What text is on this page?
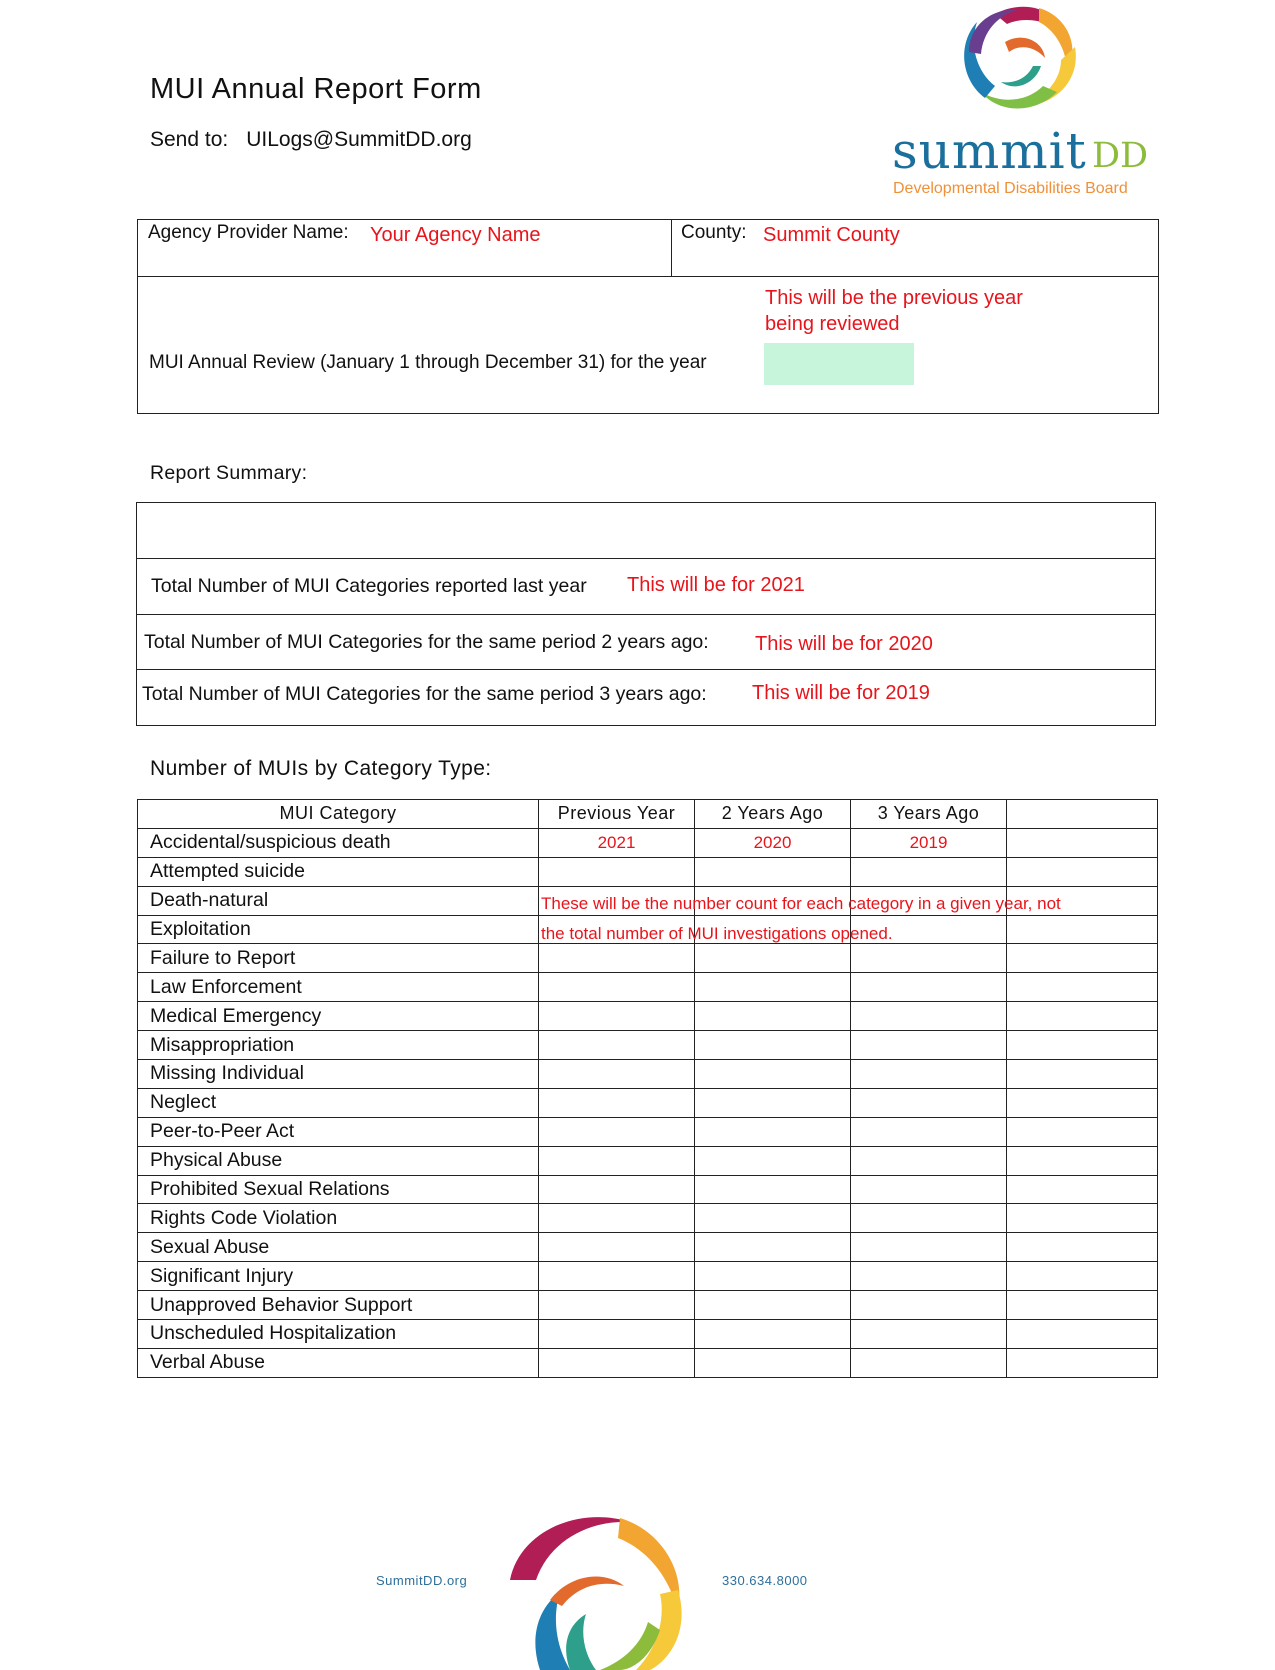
MUI Annual Report Form
Send to: UILogs@SummitDD.org	summit DD
Developmental Disabilities Board
Agency Provider Name: Your Agency Name	County: Summit County
This will be the previous year
being reviewed
MUI Annual Review (January 1 through December 31) for the year
Report Summary:
Total Number of MUI Categories reported last year This will be for 2021
Total Number of MUI Categories for the same period 2 years ago: This will be for 2020
Total Number of MUI Categories for the same period 3 years ago: This will be for 2019
Number of MUIs by Category Type:
MUI Category	Previous Year	2 Years Ago	3 Years Ago	
Accidental/suspicious death	2021	2020	2019	
Attempted suicide				
Death-natural				
Exploitation				
Failure to Report				
Law Enforcement				
Medical Emergency				
Misappropriation				
Missing Individual				
Neglect				
Peer-to-Peer Act				
Physical Abuse				
Prohibited Sexual Relations				
Rights Code Violation				
Sexual Abuse				
Significant Injury				
Unapproved Behavior Support				
Unscheduled Hospitalization				
Verbal Abuse				
These will be the number count for each category in a given year, not
the total number of MUI investigations opened.
SummitDD.org	330.634.8000
